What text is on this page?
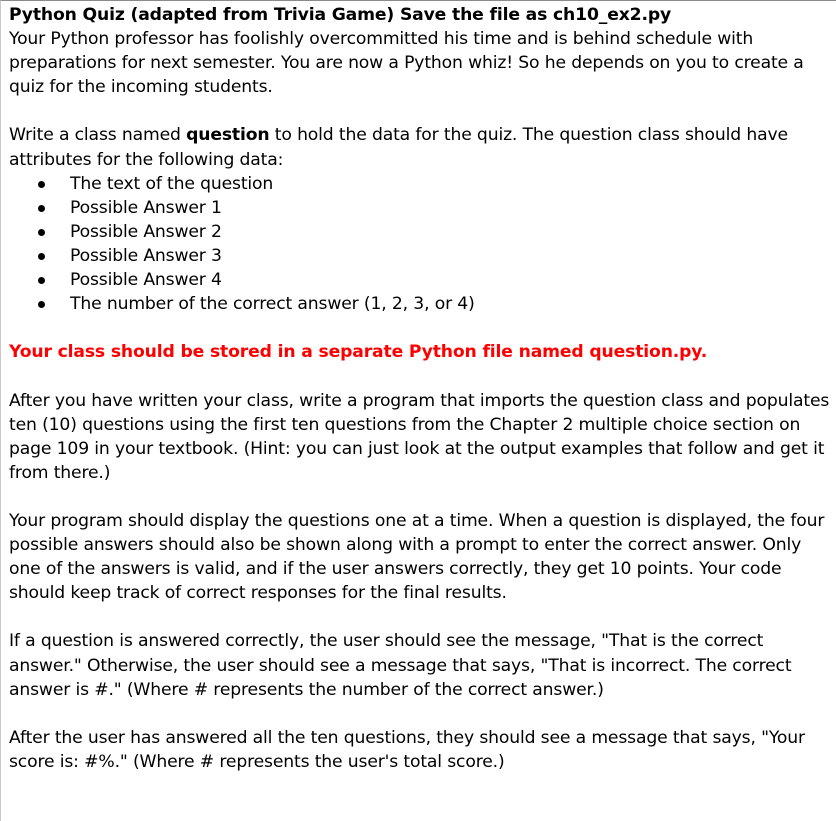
Python Quiz (adapted from Trivia Game) Save the file as ch10_ex2.py

Your Python professor has foolishly overcommitted his time and is behind schedule with preparations for next semester. You are now a Python whiz! So he depends on you to create a quiz for the incoming students.

Write a class named question to hold the data for the quiz. The question class should have attributes for the following data:

The text of the question
Possible Answer 1
Possible Answer 2
Possible Answer 3
Possible Answer 4
The number of the correct answer (1, 2, 3, or 4)

Your class should be stored in a separate Python file named question.py.

After you have written your class, write a program that imports the question class and populates ten (10) questions using the first ten questions from the Chapter 2 multiple choice section on page 109 in your textbook. (Hint: you can just look at the output examples that follow and get it from there.)

Your program should display the questions one at a time. When a question is displayed, the four possible answers should also be shown along with a prompt to enter the correct answer. Only one of the answers is valid, and if the user answers correctly, they get 10 points. Your code should keep track of correct responses for the final results.

If a question is answered correctly, the user should see the message, "That is the correct answer." Otherwise, the user should see a message that says, "That is incorrect. The correct answer is #." (Where # represents the number of the correct answer.)

After the user has answered all the ten questions, they should see a message that says, "Your score is: #%." (Where # represents the user's total score.)
